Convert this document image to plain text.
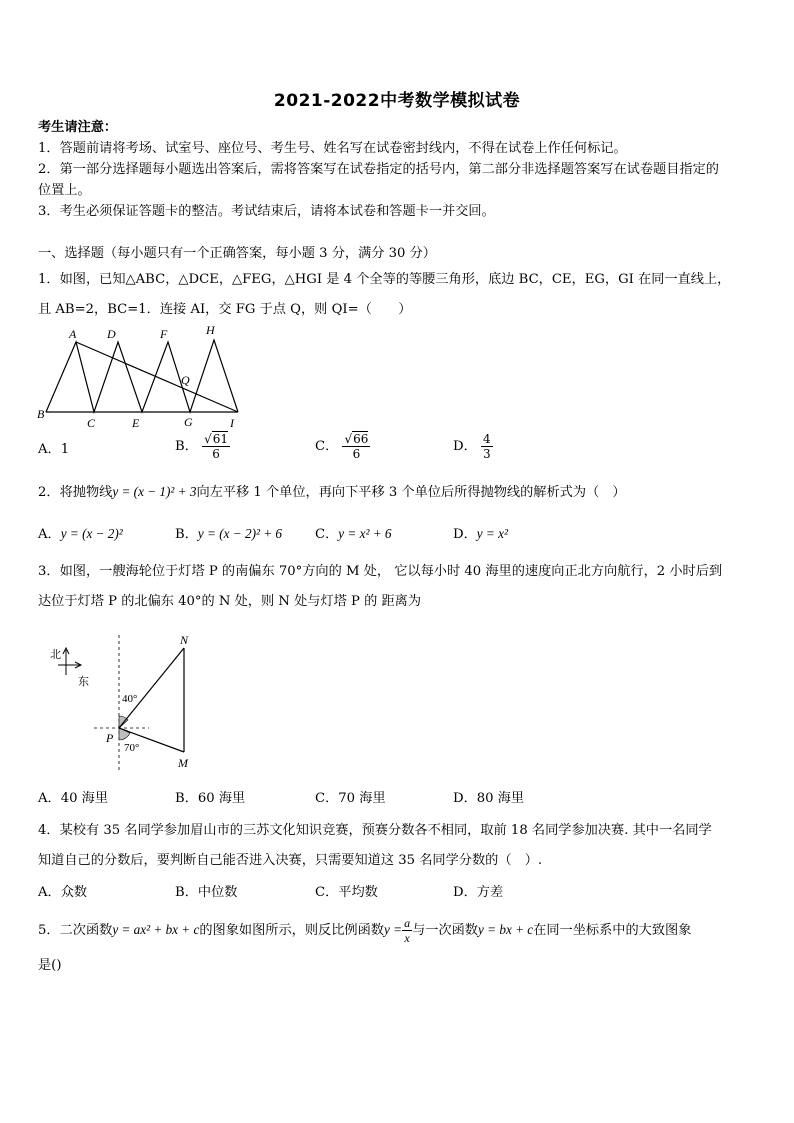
2021-2022中考数学模拟试卷
考生请注意：
1．答题前请将考场、试室号、座位号、考生号、姓名写在试卷密封线内，不得在试卷上作任何标记。
2．第一部分选择题每小题选出答案后，需将答案写在试卷指定的括号内，第二部分非选择题答案写在试卷题目指定的
位置上。
3．考生必须保证答题卡的整洁。考试结束后，请将本试卷和答题卡一并交回。
一、选择题（每小题只有一个正确答案，每小题 3 分，满分 30 分）
1．如图，已知△ABC，△DCE，△FEG，△HGI 是 4 个全等的等腰三角形，底边 BC，CE，EG，GI 在同一直线上，
且 AB=2，BC=1．连接 AI，交 FG 于点 Q，则 QI=（　　）
A	D	F	H
Q
B
C	E	G	I
A．1	B． $\frac{√61}{6}$	C． $\frac{√66}{6}$	D． $\frac{4}{3}$
2．将抛物线y = (x − 1)² + 3向左平移 1 个单位，再向下平移 3 个单位后所得抛物线的解析式为（　）
A．y = (x − 2)²	B．y = (x − 2)² + 6	C．y = x² + 6	D．y = x²
3．如图，一艘海轮位于灯塔 P 的南偏东 70°方向的 M 处， 它以每小时 40 海里的速度向正北方向航行，2 小时后到
达位于灯塔 P 的北偏东 40°的 N 处，则 N 处与灯塔 P 的 距离为
北
东
N
P
M
40°
70°
A．40 海里	B．60 海里	C．70 海里	D．80 海里
4．某校有 35 名同学参加眉山市的三苏文化知识竞赛，预赛分数各不相同，取前 18 名同学参加决赛. 其中一名同学
知道自己的分数后，要判断自己能否进入决赛，只需要知道这 35 名同学分数的（　）.
A．众数	B．中位数	C．平均数	D．方差
5．二次函数y = ax² + bx + c的图象如图所示，则反比例函数$y = \frac{a}{x}$ 与一次函数y = bx + c在同一坐标系中的大致图象
是()
